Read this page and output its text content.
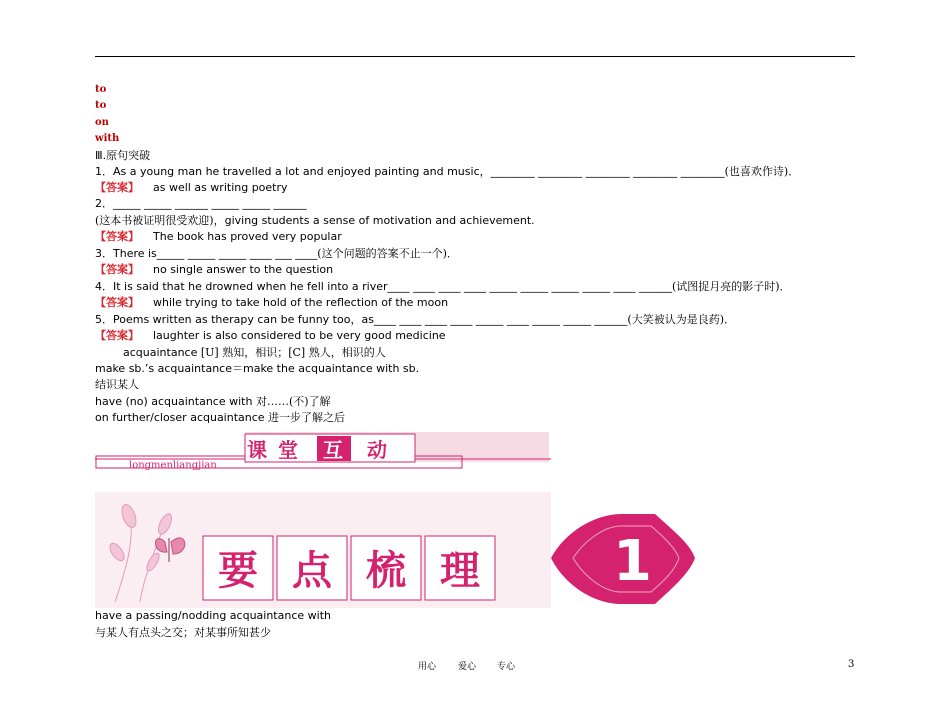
to
to
on
with
Ⅲ.原句突破
1．As a young man he travelled a lot and enjoyed painting and music，________ ________ ________ ________ ________(也喜欢作诗)．
【答案】 as well as writing poetry
2．_____ _____ ______ _____ _____ ______
(这本书被证明很受欢迎)，giving students a sense of motivation and achievement.
【答案】 The book has proved very popular
3．There is_____ _____ _____ ____ ___ ____(这个问题的答案不止一个)．
【答案】 no single answer to the question
4．It is said that he drowned when he fell into a river____ ____ ____ ____ _____ _____ _____ _____ ____ ______(试图捉月亮的影子时)．
【答案】 while trying to take hold of the reflection of the moon
5．Poems written as therapy can be funny too，as____ ____ ____ ____ _____ ____ _____ _____ ______(大笑被认为是良药)．
【答案】 laughter is also considered to be very good medicine
acquaintance [U] 熟知，相识；[C] 熟人，相识的人
make sb.’s acquaintance＝make the acquaintance with sb.
结识某人
have (no) acquaintance with 对……(不)了解
on further/closer acquaintance 进一步了解之后
longmenliangjian
课 堂 互 动
要 点 梳 理 1
have a passing/nodding acquaintance with
与某人有点头之交；对某事所知甚少
用心 爱心 专心	3
